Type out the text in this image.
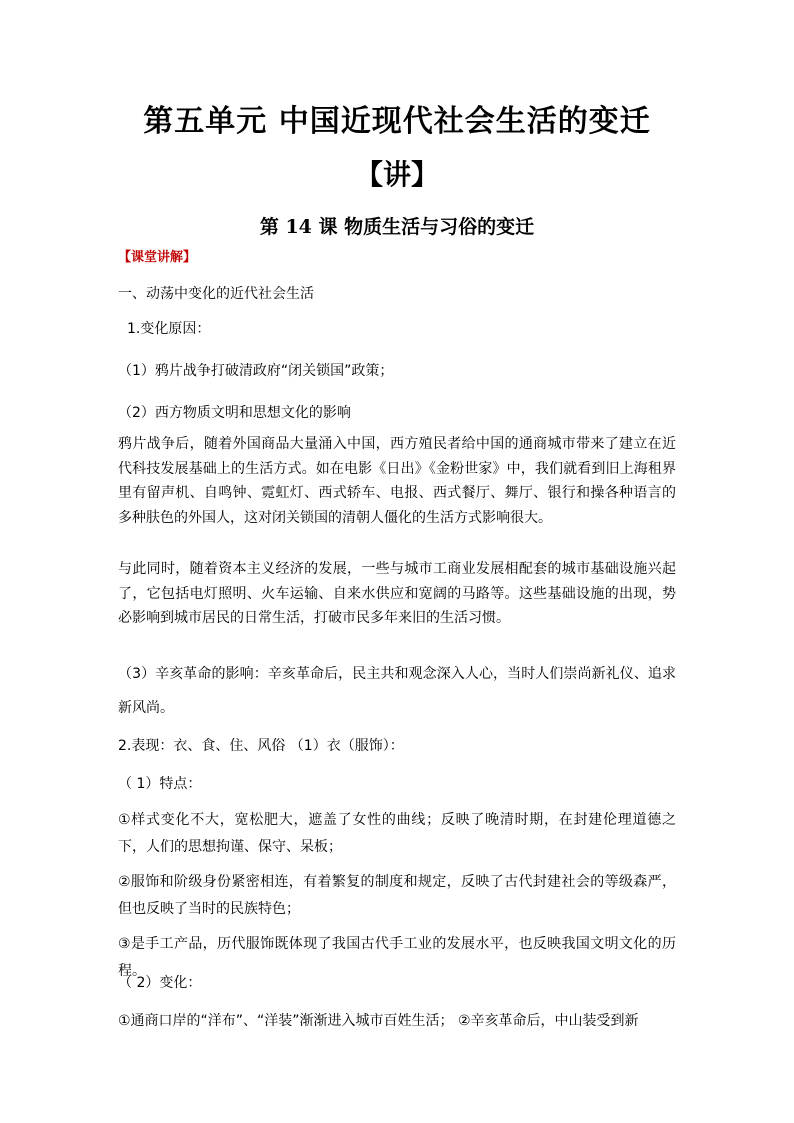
第五单元 中国近现代社会生活的变迁
【讲】
第 14 课 物质生活与习俗的变迁
【课堂讲解】
一、动荡中变化的近代社会生活
1.变化原因：
（1）鸦片战争打破清政府“闭关锁国”政策；
（2）西方物质文明和思想文化的影响
鸦片战争后，随着外国商品大量涌入中国，西方殖民者给中国的通商城市带来了建立在近代科技发展基础上的生活方式。如在电影《日出》《金粉世家》中，我们就看到旧上海租界里有留声机、自鸣钟、霓虹灯、西式轿车、电报、西式餐厅、舞厅、银行和操各种语言的多种肤色的外国人，这对闭关锁国的清朝人僵化的生活方式影响很大。
与此同时，随着资本主义经济的发展，一些与城市工商业发展相配套的城市基础设施兴起了，它包括电灯照明、火车运输、自来水供应和宽阔的马路等。这些基础设施的出现，势必影响到城市居民的日常生活，打破市民多年来旧的生活习惯。
（3）辛亥革命的影响：辛亥革命后，民主共和观念深入人心，当时人们崇尚新礼仪、追求新风尚。
2.表现：衣、食、住、风俗 （1）衣（服饰）：
（ 1）特点：
①样式变化不大，宽松肥大，遮盖了女性的曲线；反映了晚清时期，在封建伦理道德之下，人们的思想拘谨、保守、呆板；
②服饰和阶级身份紧密相连，有着繁复的制度和规定，反映了古代封建社会的等级森严，但也反映了当时的民族特色；
③是手工产品，历代服饰既体现了我国古代手工业的发展水平，也反映我国文明文化的历程。
（ 2）变化：
①通商口岸的“洋布”、“洋装”渐渐进入城市百姓生活； ②辛亥革命后，中山装受到新
